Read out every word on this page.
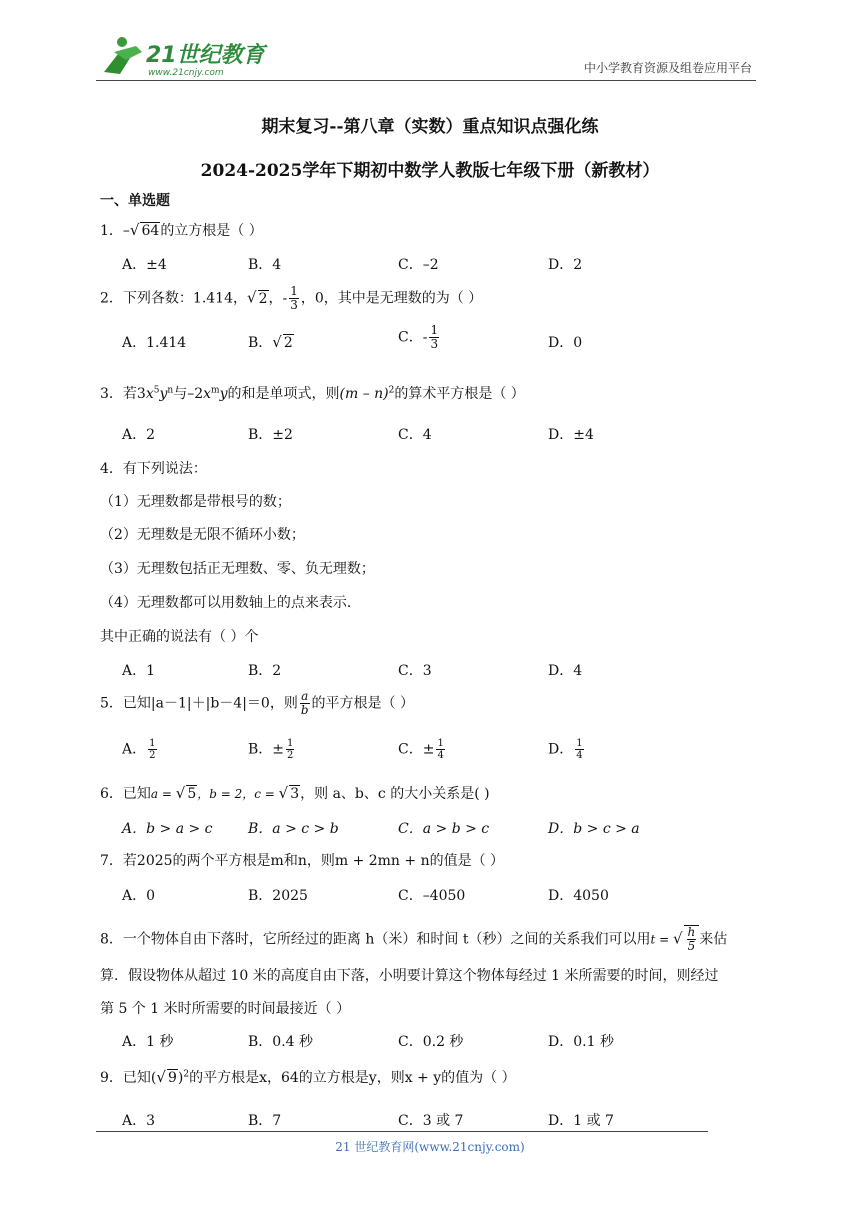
21世纪教育
www.21cnjy.com	中小学教育资源及组卷应用平台
期末复习--第八章（实数）重点知识点强化练
2024-2025学年下期初中数学人教版七年级下册（新教材）
一、单选题
1．–√ 64的立方根是（ ）
A．±4	B．4	C．–2	D．2
2．下列各数：1.414，√ 2，- $\frac{1}{3}$ ，0，其中是无理数的为（ ）
A．1.414	B．√ 2	C．- $\frac{1}{3}$	D．0
3．若$3x^5y^n$与$-2x^my$的和是单项式，则(m – n)$^2$的算术平方根是（ ）
A．2	B．±2	C．4	D．±4
4．有下列说法：
（1）无理数都是带根号的数；
（2）无理数是无限不循环小数；
（3）无理数包括正无理数、零、负无理数；
（4）无理数都可以用数轴上的点来表示．
其中正确的说法有（ ）个
A．1	B．2	C．3	D．4
5．已知|a－1|＋|b－4|＝0，则 $\frac{a}{b}$ 的平方根是（ ）
A． $\frac{1}{2}$	B．± $\frac{1}{2}$	C．± $\frac{1}{4}$	D． $\frac{1}{4}$
6．已知a = √ 5，b = 2，c = √ 3，则 a、b、c 的大小关系是( )
A．b > a > c	B．a > c > b	C．a > b > c	D．b > c > a
7．若2025的两个平方根是m和n，则m + 2mn + n的值是（ ）
A．0	B．2025	C．–4050	D．4050
8．一个物体自由下落时，它所经过的距离 h（米）和时间 t（秒）之间的关系我们可以用t = √ $\frac{h}{5}$ 来估
算．假设物体从超过 10 米的高度自由下落，小明要计算这个物体每经过 1 米所需要的时间，则经过
第 5 个 1 米时所需要的时间最接近（ ）
A．1 秒	B．0.4 秒	C．0.2 秒	D．0.1 秒
9．已知(√ 9)$^2$的平方根是x，64的立方根是y，则x + y的值为（ ）
A．3	B．7	C．3 或 7	D．1 或 7
21 世纪教育网(www.21cnjy.com)
